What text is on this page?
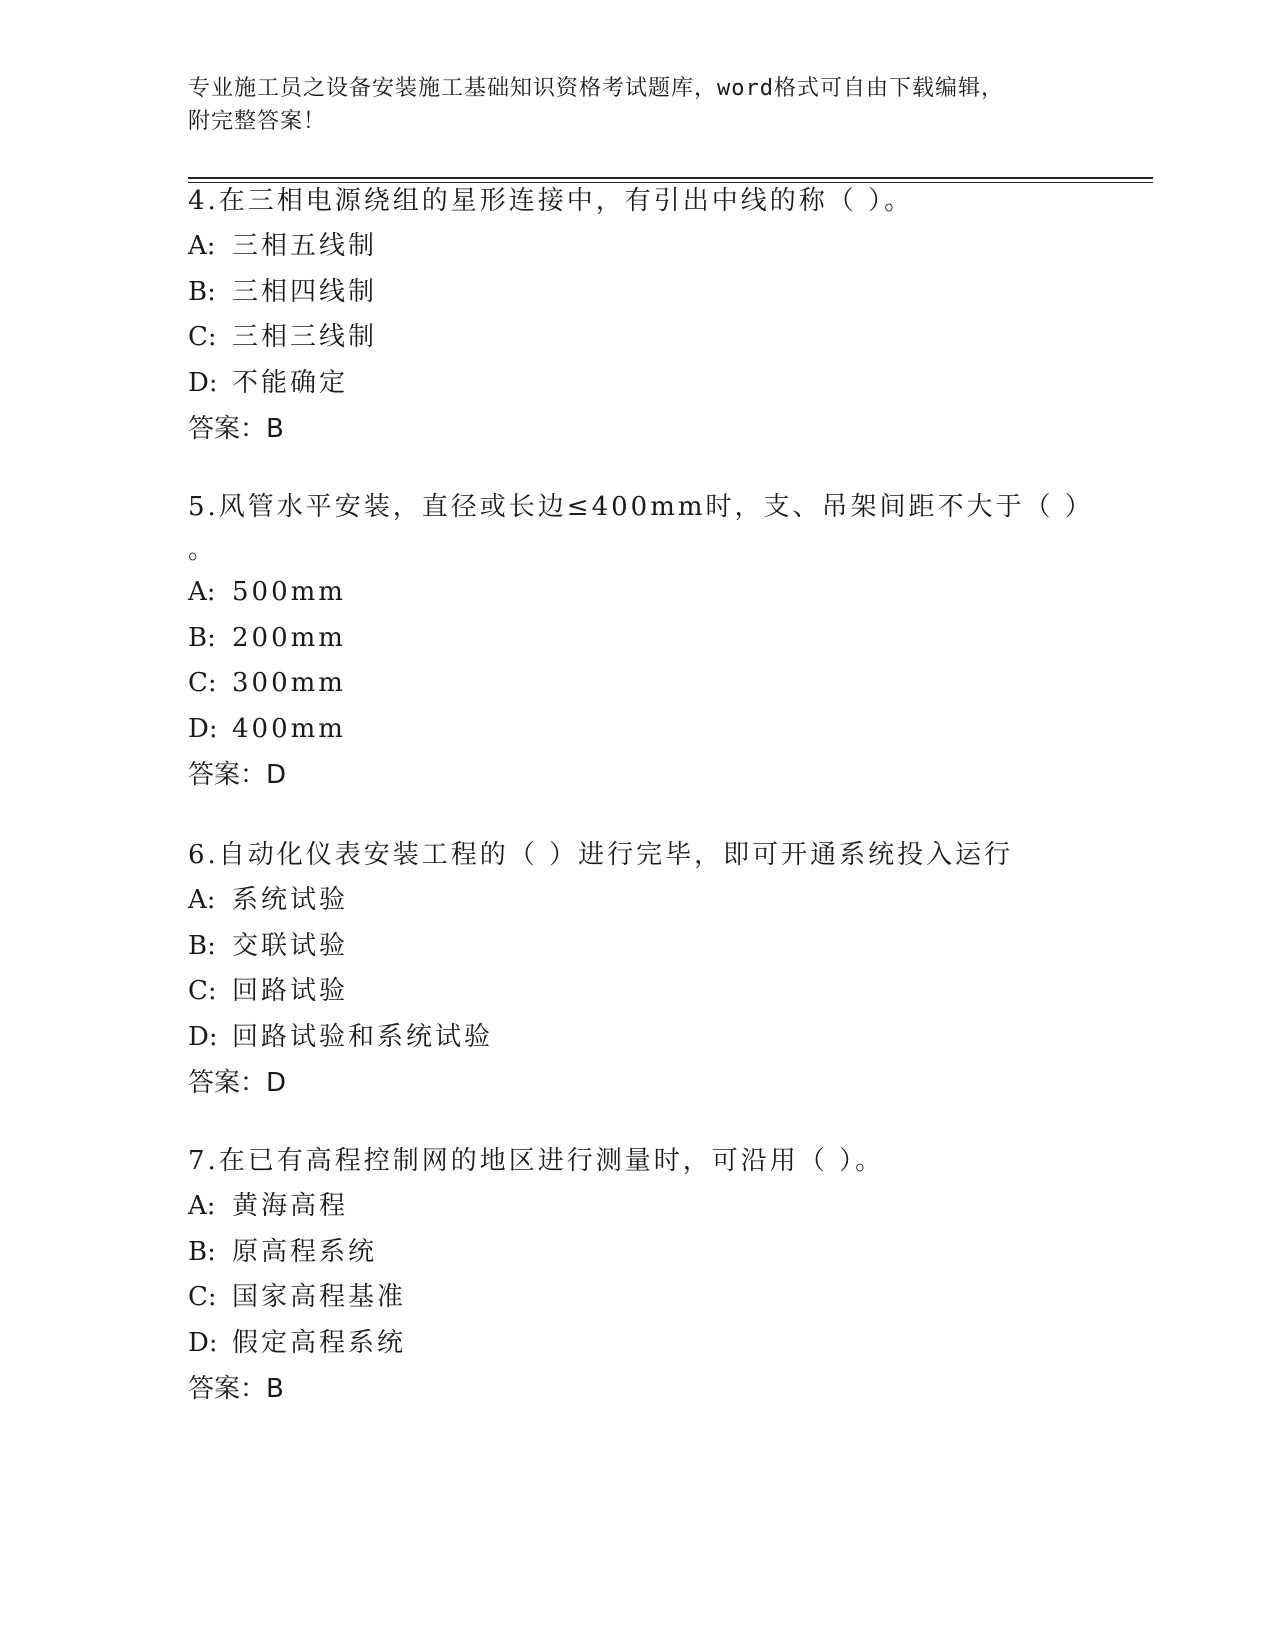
专业施工员之设备安装施工基础知识资格考试题库，word格式可自由下载编辑，
附完整答案！
4.在三相电源绕组的星形连接中，有引出中线的称（ ）。
A: 三相五线制
B: 三相四线制
C: 三相三线制
D: 不能确定
答案：B
5.风管水平安装，直径或长边≤400mm时，支、吊架间距不大于（ ）
。
A: 500mm
B: 200mm
C: 300mm
D: 400mm
答案：D
6.自动化仪表安装工程的（ ）进行完毕，即可开通系统投入运行
A: 系统试验
B: 交联试验
C: 回路试验
D: 回路试验和系统试验
答案：D
7.在已有高程控制网的地区进行测量时，可沿用（ ）。
A: 黄海高程
B: 原高程系统
C: 国家高程基准
D: 假定高程系统
答案：B
